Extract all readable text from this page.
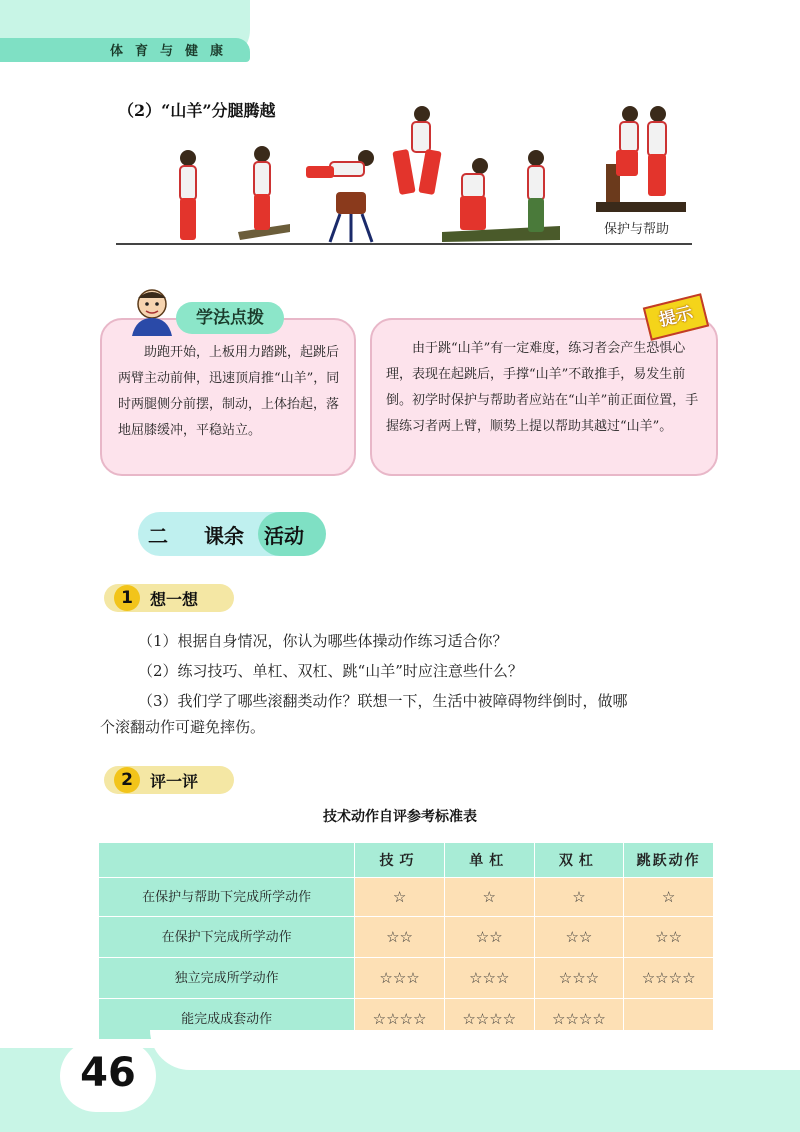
体育与健康
（2）“山羊”分腿腾越
保护与帮助
学法点拨	提示
助跑开始，上板用力踏跳，起跳后两臂主动前伸，迅速顶肩推“山羊”，同时两腿侧分前摆，制动，上体抬起，落地屈膝缓冲，平稳站立。
由于跳“山羊”有一定难度，练习者会产生恐惧心理，表现在起跳后，手撑“山羊”不敢推手，易发生前倒。初学时保护与帮助者应站在“山羊”前正面位置，手握练习者两上臂，顺势上提以帮助其越过“山羊”。
二 课余 活动
1	想一想
（1）根据自身情况，你认为哪些体操动作练习适合你？
（2）练习技巧、单杠、双杠、跳“山羊”时应注意些什么？
（3）我们学了哪些滚翻类动作？联想一下，生活中被障碍物绊倒时，做哪
个滚翻动作可避免摔伤。
2	评一评
技术动作自评参考标准表
	技巧	单杠	双杠	跳跃动作
在保护与帮助下完成所学动作	☆	☆	☆	☆
在保护下完成所学动作	☆☆	☆☆	☆☆	☆☆
独立完成所学动作	☆☆☆	☆☆☆	☆☆☆	☆☆☆☆
能完成成套动作	☆☆☆☆	☆☆☆☆	☆☆☆☆	
46
